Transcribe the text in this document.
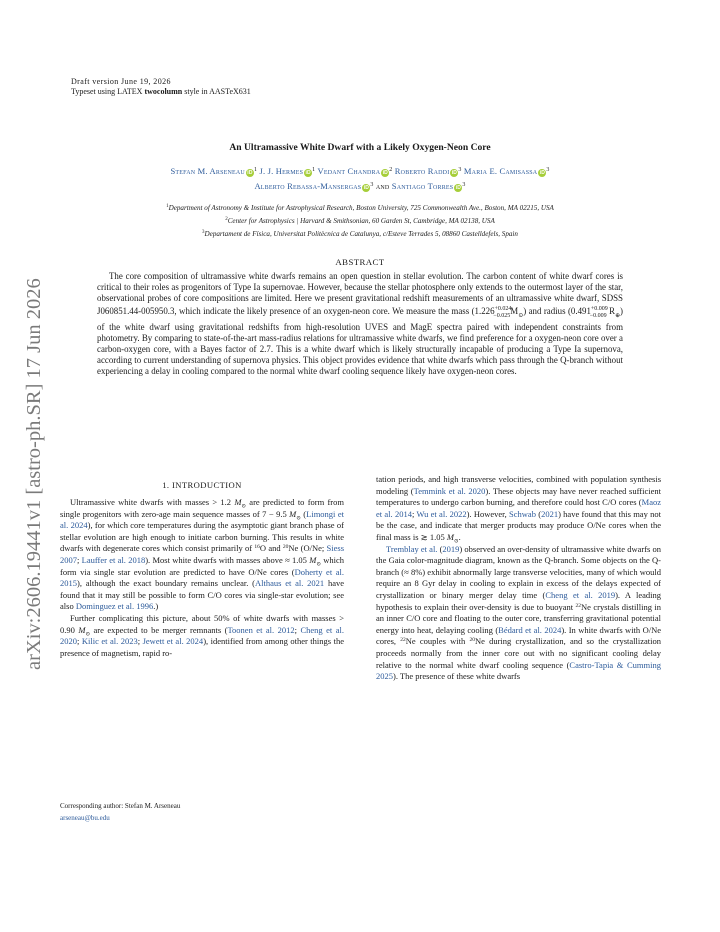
Draft version June 19, 2026
Typeset using LATEX twocolumn style in AASTeX631
arXiv:2606.19441v1 [astro-ph.SR] 17 Jun 2026
An Ultramassive White Dwarf with a Likely Oxygen-Neon Core
Stefan M. Arseneau $iD^1$ J. J. Hermes $iD^1$ Vedant Chandra $iD^2$ Roberto Raddi $iD^3$ Maria E. Camisassa $iD^3$
Alberto Rebassa-Mansergas $iD^3$ and Santiago Torres $iD^3$
$^1$Department of Astronomy & Institute for Astrophysical Research, Boston University, 725 Commonwealth Ave., Boston, MA 02215, USA
$^2$Center for Astrophysics | Harvard & Smithsonian, 60 Garden St, Cambridge, MA 02138, USA
$^3$Departament de Física, Universitat Politècnica de Catalunya, c/Esteve Terrades 5, 08860 Castelldefels, Spain
ABSTRACT
The core composition of ultramassive white dwarfs remains an open question in stellar evolution. The carbon content of white dwarf cores is critical to their roles as progenitors of Type Ia supernovae. However, because the stellar photosphere only extends to the outermost layer of the star, observational probes of core compositions are limited. Here we present gravitational redshift measurements of an ultramassive white dwarf, SDSS J060851.44-005950.3, which indicate the likely presence of an oxygen-neon core. We measure the mass $(1.226^{+0.024}_{-0.025}M_⊙)$ and radius ($0.491^{+0.009}_{-0.009}$ $R_\oplus$) of the white dwarf using gravitational redshifts from high-resolution UVES and MagE spectra paired with independent constraints from photometry. By comparing to state-of-the-art mass-radius relations for ultramassive white dwarfs, we find preference for a oxygen-neon core over a carbon-oxygen core, with a Bayes factor of 2.7. This is a white dwarf which is likely structurally incapable of producing a Type Ia supernova, according to current understanding of supernova physics. This object provides evidence that white dwarfs which pass through the Q-branch without experiencing a delay in cooling compared to the normal white dwarf cooling sequence likely have oxygen-neon cores.
1. INTRODUCTION

Ultramassive white dwarfs with masses > 1.2 $M_⊙$ are predicted to form from single progenitors with zero-age main sequence masses of 7 − 9.5 $M_⊙$ (Limongi et al. 2024), for which core temperatures during the asymptotic giant branch phase of stellar evolution are high enough to initiate carbon burning. This results in white dwarfs with degenerate cores which consist primarily of $^{16}$O and $^{20}$Ne (O/Ne; Siess 2007; Lauffer et al. 2018). Most white dwarfs with masses above ≈ 1.05 $M_⊙$ which form via single star evolution are predicted to have O/Ne cores (Doherty et al. 2015), although the exact boundary remains unclear. (Althaus et al. 2021 have found that it may still be possible to form C/O cores via single-star evolution; see also Dominguez et al. 1996.)

Further complicating this picture, about 50% of white dwarfs with masses > 0.90 $M_⊙$ are expected to be merger remnants (Toonen et al. 2012; Cheng et al. 2020; Kilic et al. 2023; Jewett et al. 2024), identified from among other things the presence of magnetism, rapid ro-

tation periods, and high transverse velocities, combined with population synthesis modeling (Temmink et al. 2020). These objects may have never reached sufficient temperatures to undergo carbon burning, and therefore could host C/O cores (Maoz et al. 2014; Wu et al. 2022). However, Schwab (2021) have found that this may not be the case, and indicate that merger products may produce O/Ne cores when the final mass is ≳ 1.05 $M_⊙$.

Tremblay et al. (2019) observed an over-density of ultramassive white dwarfs on the Gaia color-magnitude diagram, known as the Q-branch. Some objects on the Q-branch (≈ 8%) exhibit abnormally large transverse velocities, many of which would require an 8 Gyr delay in cooling to explain in excess of the delays expected of crystallization or binary merger delay time (Cheng et al. 2019). A leading hypothesis to explain their over-density is due to buoyant $^{22}$Ne crystals distilling in an inner C/O core and floating to the outer core, transferring gravitational potential energy into heat, delaying cooling (Bédard et al. 2024). In white dwarfs with O/Ne cores, $^{22}$Ne couples with $^{20}$Ne during crystallization, and so the crystallization proceeds normally from the inner core out with no significant cooling delay relative to the normal white dwarf cooling sequence (Castro-Tapia & Cumming 2025). The presence of these white dwarfs

Corresponding author: Stefan M. Arseneau
arseneau@bu.edu
